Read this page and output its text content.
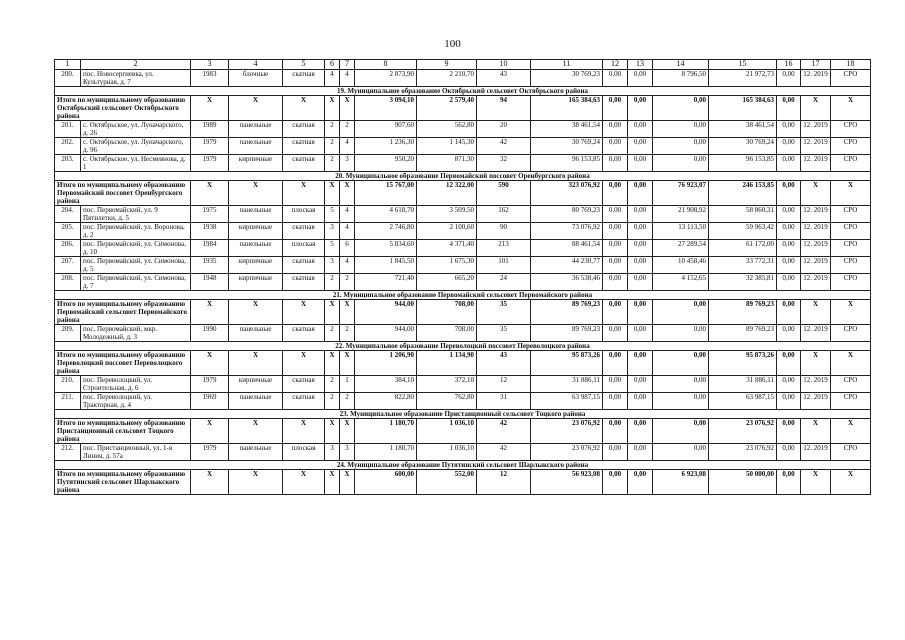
100
1	2	3	4	5	6	7	8	9	10	11	12	13	14	15	16	17	18
200.	пос. Новосергиевка, ул. Культурная, д. 7	1983	блочные	скатная	4	4	2 873,90	2 210,70	43	30 769,23	0,00	0,00	8 796,50	21 972,73	0,00	12. 2019	СРО
19. Муниципальное образование Октябрьский сельсовет Октябрьского района																	
Итого по муниципальному образованию Октябрьский сельсовет Октябрьского района		X	X	X	X	X	3 094,10	2 579,40	94	165 384,63	0,00	0,00	0,00	165 384,63	0,00	X	X
201.	с. Октябрьское, ул. Луначарского, д. 26	1989	панельные	скатная	2	2	907,60	562,80	20	38 461,54	0,00	0,00	0,00	38 461,54	0,00	12. 2019	СРО
202.	с. Октябрьское, ул. Луначарского, д. 96	1979	панельные	скатная	2	4	1 236,30	1 145,30	42	30 769,24	0,00	0,00	0,00	30 769,24	0,00	12. 2019	СРО
203.	с. Октябрьское, ул. Несмеянова, д. 1	1979	кирпичные	скатная	2	3	950,20	871,30	32	96 153,85	0,00	0,00	0,00	96 153,85	0,00	12. 2019	СРО
20. Муниципальное образование Первомайский поссовет Оренбургского района																	
Итого по муниципальному образованию Первомайский поссовет Оренбургского района		X	X	X	X	X	15 767,00	12 322,00	590	323 076,92	0,00	0,00	76 923,07	246 153,85	0,00	X	X
204.	пос. Первомайский, ул. 9 Пятилетки, д. 5	1975	панельные	плоская	5	4	4 618,70	3 509,50	162	80 769,23	0,00	0,00	21 908,92	58 860,31	0,00	12. 2019	СРО
205.	пос. Первомайский, ул. Воронова, д. 2	1938	кирпичные	скатная	3	4	2 746,80	2 100,60	90	73 076,92	0,00	0,00	13 113,50	59 963,42	0,00	12. 2019	СРО
206.	пос. Первомайский, ул. Симонова, д. 10	1984	панельные	плоская	5	6	5 834,60	4 371,40	213	88 461,54	0,00	0,00	27 289,54	61 172,00	0,00	12. 2019	СРО
207.	пос. Первомайский, ул. Симонова, д. 5	1935	кирпичные	скатная	3	4	1 845,50	1 675,30	101	44 230,77	0,00	0,00	10 458,46	33 772,31	0,00	12. 2019	СРО
208.	пос. Первомайский, ул. Симонова, д. 7	1948	кирпичные	скатная	2	2	721,40	665,20	24	36 538,46	0,00	0,00	4 152,65	32 385,81	0,00	12. 2019	СРО
21. Муниципальное образование Первомайский сельсовет Первомайского района																	
Итого по муниципальному образованию Первомайский сельсовет Первомайского района		X	X	X	X	X	944,00	708,00	35	89 769,23	0,00	0,00	0,00	89 769,23	0,00	X	X
209.	пос. Первомайский, мкр. Молодежный, д. 3	1990	панельные	скатная	2	2	944,00	708,00	35	89 769,23	0,00	0,00	0,00	89 769,23	0,00	12. 2019	СРО
22. Муниципальное образование Переволоцкий поссовет Переволоцкого района																	
Итого по муниципальному образованию Переволоцкий поссовет Переволоцкого района		X	X	X	X	X	1 206,90	1 134,90	43	95 873,26	0,00	0,00	0,00	95 873,26	0,00	X	X
210.	пос. Переволоцкий, ул. Строительная, д. 6	1979	кирпичные	скатная	2	1	384,10	372,10	12	31 886,11	0,00	0,00	0,00	31 886,11	0,00	12. 2019	СРО
211.	пос. Переволоцкий, ул. Тракторная, д. 4	1969	панельные	скатная	2	2	822,80	762,80	31	63 987,15	0,00	0,00	0,00	63 987,15	0,00	12. 2019	СРО
23. Муниципальное образование Пристанционный сельсовет Тоцкого района																	
Итого по муниципальному образованию Пристанционный сельсовет Тоцкого района		X	X	X	X	X	1 180,70	1 036,10	42	23 076,92	0,00	0,00	0,00	23 076,92	0,00	X	X
212.	пос. Пристанционный, ул. 1-я Линия, д. 57а	1979	панельные	плоская	3	3	1 180,70	1 036,10	42	23 076,92	0,00	0,00	0,00	23 076,92	0,00	12. 2019	СРО
24. Муниципальное образование Путятинский сельсовет Шарлыкского района																	
Итого по муниципальному образованию Путятинский сельсовет Шарлыкского района		X	X	X	X	X	600,00	552,00	12	56 923,08	0,00	0,00	6 923,08	50 000,00	0,00	X	X
